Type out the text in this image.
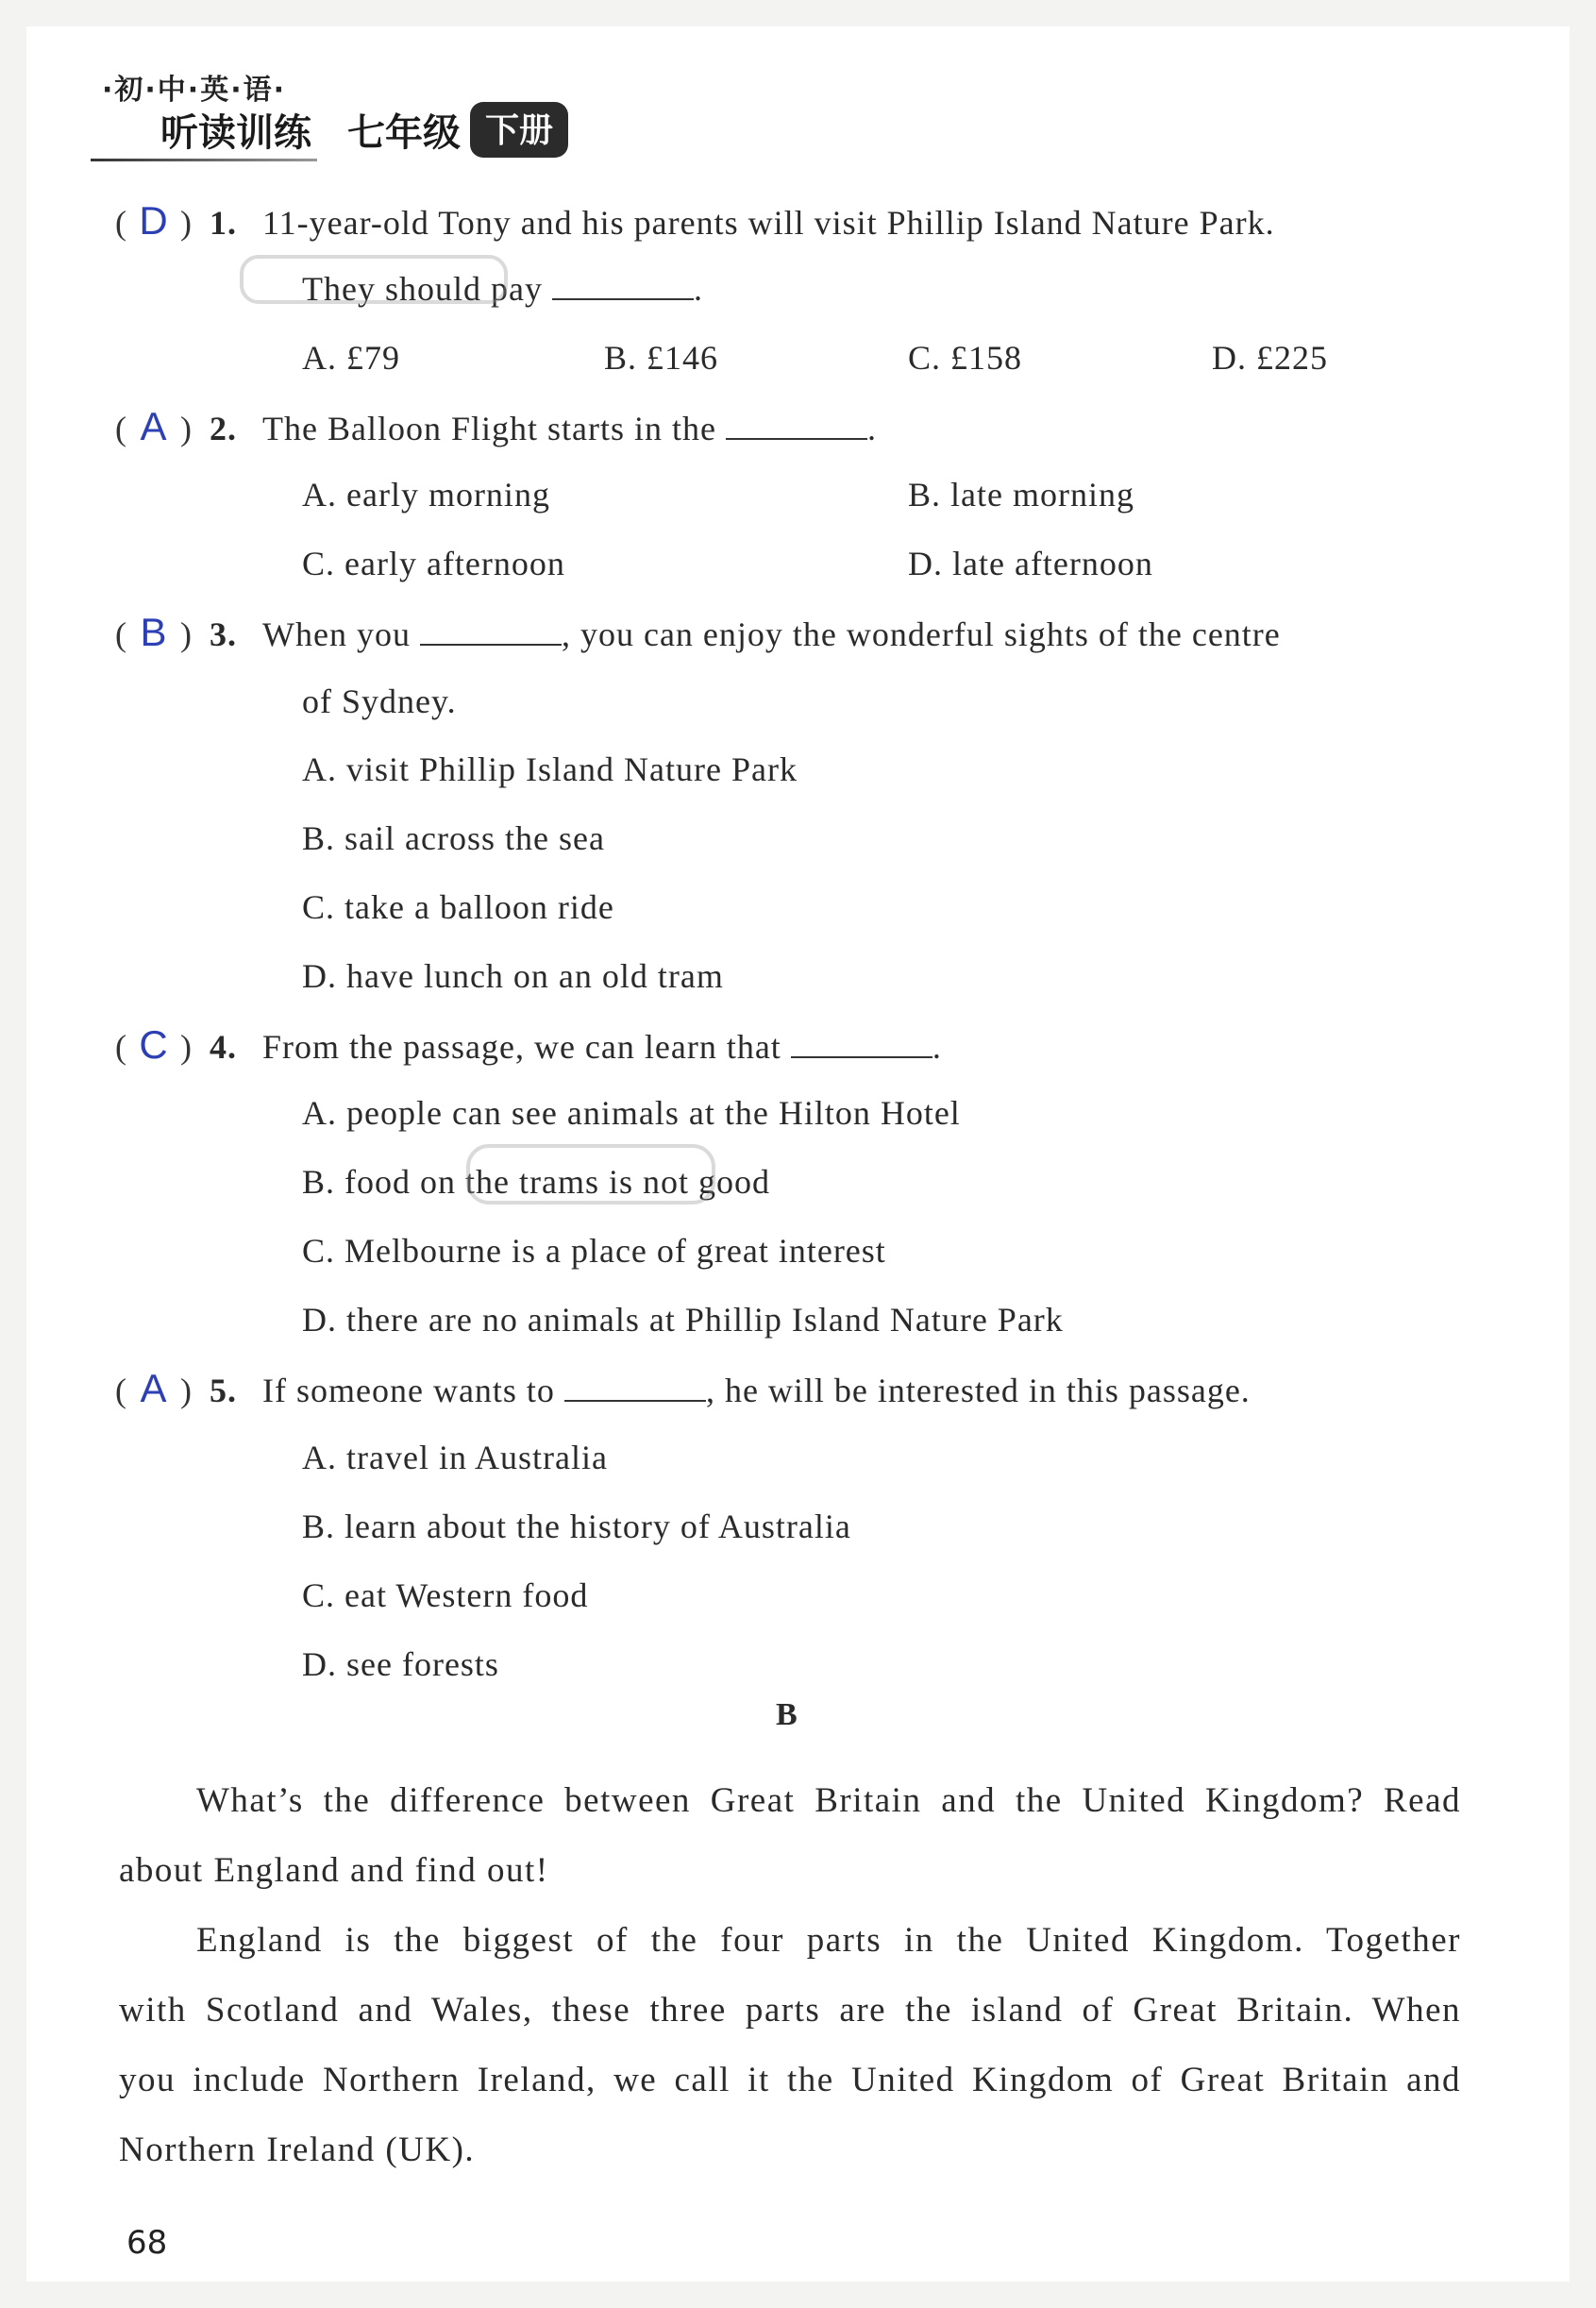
·初·中·英·语·
听读训练 七年级 下册
( D ) 1. 11-year-old Tony and his parents will visit Phillip Island Nature Park.
They should pay	.
A. £79	B. £146	C. £158	D. £225
( A ) 2. The Balloon Flight starts in the	.
A. early morning	B. late morning
C. early afternoon	D. late afternoon
( B ) 3. When you	, you can enjoy the wonderful sights of the centre
of Sydney.
A. visit Phillip Island Nature Park
B. sail across the sea
C. take a balloon ride
D. have lunch on an old tram
( C ) 4. From the passage, we can learn that	.
A. people can see animals at the Hilton Hotel
B. food on the trams is not good
C. Melbourne is a place of great interest
D. there are no animals at Phillip Island Nature Park
( A ) 5. If someone wants to	, he will be interested in this passage.
A. travel in Australia
B. learn about the history of Australia
C. eat Western food
D. see forests
B
What’s the difference between Great Britain and the United Kingdom? Read
about England and find out!
England is the biggest of the four parts in the United Kingdom. Together
with Scotland and Wales, these three parts are the island of Great Britain. When
you include Northern Ireland, we call it the United Kingdom of Great Britain and
Northern Ireland (UK).
68
